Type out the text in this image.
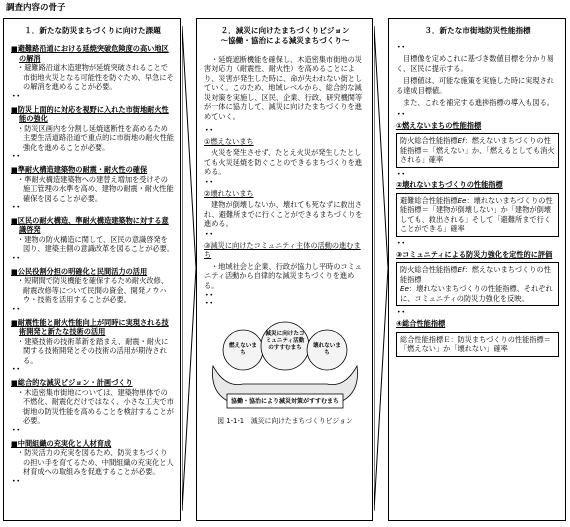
調査内容の骨子
１．新たな防災まちづくりに向けた課題
■避難路沿道における延焼突破危険度の高い地区の解消
・避難路沿道木造建物が延焼突破されることで市街地火災となる可能性を防ぐため、早急にその解消を進めることが必要。
••
■防災上面的に対応を視野に入れた市街地耐火性能の強化
・防災区画内を分割し延焼遮断性を高めるため主要生活道路沿道で重点的に市街地の耐火性能強化を進めることが必要。
••
■準耐火構造建築物の耐震・耐火性の確保
・準耐火構造建築物への建替え増加を受けその施工管理の水準を高め、建物の耐震・耐火性能確保を図ることが必要。
••
■区民の耐火構造、準耐火構造建築物に対する意識啓発
・建物の防火構造に関して、区民の意識啓発を図り、建築主側の意識改革を図ることが必要。
••
■公民役割分担の明確化と民間活力の活用
・短期間で防災機能を確保するため耐火改修、耐震改修等について民間の資金、開発ノウハウ・技術を活用することが必要。
••
■耐震性能と耐火性能向上が同時に実現される技術開発と新たな技術の活用
・建築技術の技術革新を踏まえ、耐震・耐火に関する技術開発とその技術の活用が期待される。
••
■総合的な減災ビジョン・計画づくり
・木造密集市街地については、建築物単体での不燃化、耐震化だけではなく、小さな工夫で市街地の防災性能を高めることを検討することが必要。
••
■中間組織の充実化と人材育成
・防災活力の充実を図るため、防災まちづくりの担い手を育てるため、中間組織の充実化と人材育成への取組みを促進することが必要。
••
２．減災に向けたまちづくりビジョン
～協働・協治による減災まちづくり～
・延焼遮断機能を確保し、木造密集市街地の災害対応力（耐震性、耐火性）を高めることにより、災害が発生した時に、命が失われない街としていく。このため、地域レベルから、総合的な減災対策を実施し、区民、企業、行政、研究機関等が一体に協力して、減災に向けたまちづくりを進めていく。
••
①燃えないまち
火災を発生させず、たとえ火災が発生したとしても火災延焼を防ぐことのできるまちづくりを進める。
••
②壊れないまち
建物が倒壊しないか、壊れても死なずに救出され、避難所までに行くことができるまちづくりを進める。
••
③減災に向けたコミュニティ主体の活動の進むまち
・地域社会と企業、行政が協力し平時のコミュニティ活動から自律的な減災まちづくりを進める。
••
••
燃えないまち
減災に向けたコミュニティ活動のすすむまち	壊れないまち
協働・協治により減災対策がすすむまち
図 1-1-1　減災に向けたまちづくりビジョン
３．新たな市街地防災性能指標
••
目標像を定めこれに基づき数値目標を分かり易く、区民に提示する。
目標値は、可能な施策を実施した時に実現される達成目標値。
また、これを補完する進捗指標の導入も図る。
••
①燃えないまちの性能指標
防火総合性能指標Ef：燃えないまちづくりの性能指標＝「燃えない」か、「燃えるとしても消火される」確率
••
②壊れないまちづくりの性能指標
避難総合性能指標Ee：壊れないまちづくりの性能指標＝「建物が倒壊しない」か「建物が倒壊しても、救出される」そして「避難所まで行くことができる」確率
••
③コミュニティによる防災力強化を定性的に評価
防火総合性能指標Ef：燃えないまちづくりの性能指標
Ee：壊れないまちづくりの性能指標、それぞれに、コミュニティの防災力強化を反映。
••
④総合性能指標
総合性能指標Ｅ：防災まちづくりの性能指標＝「燃えない」か「壊れない」確率
